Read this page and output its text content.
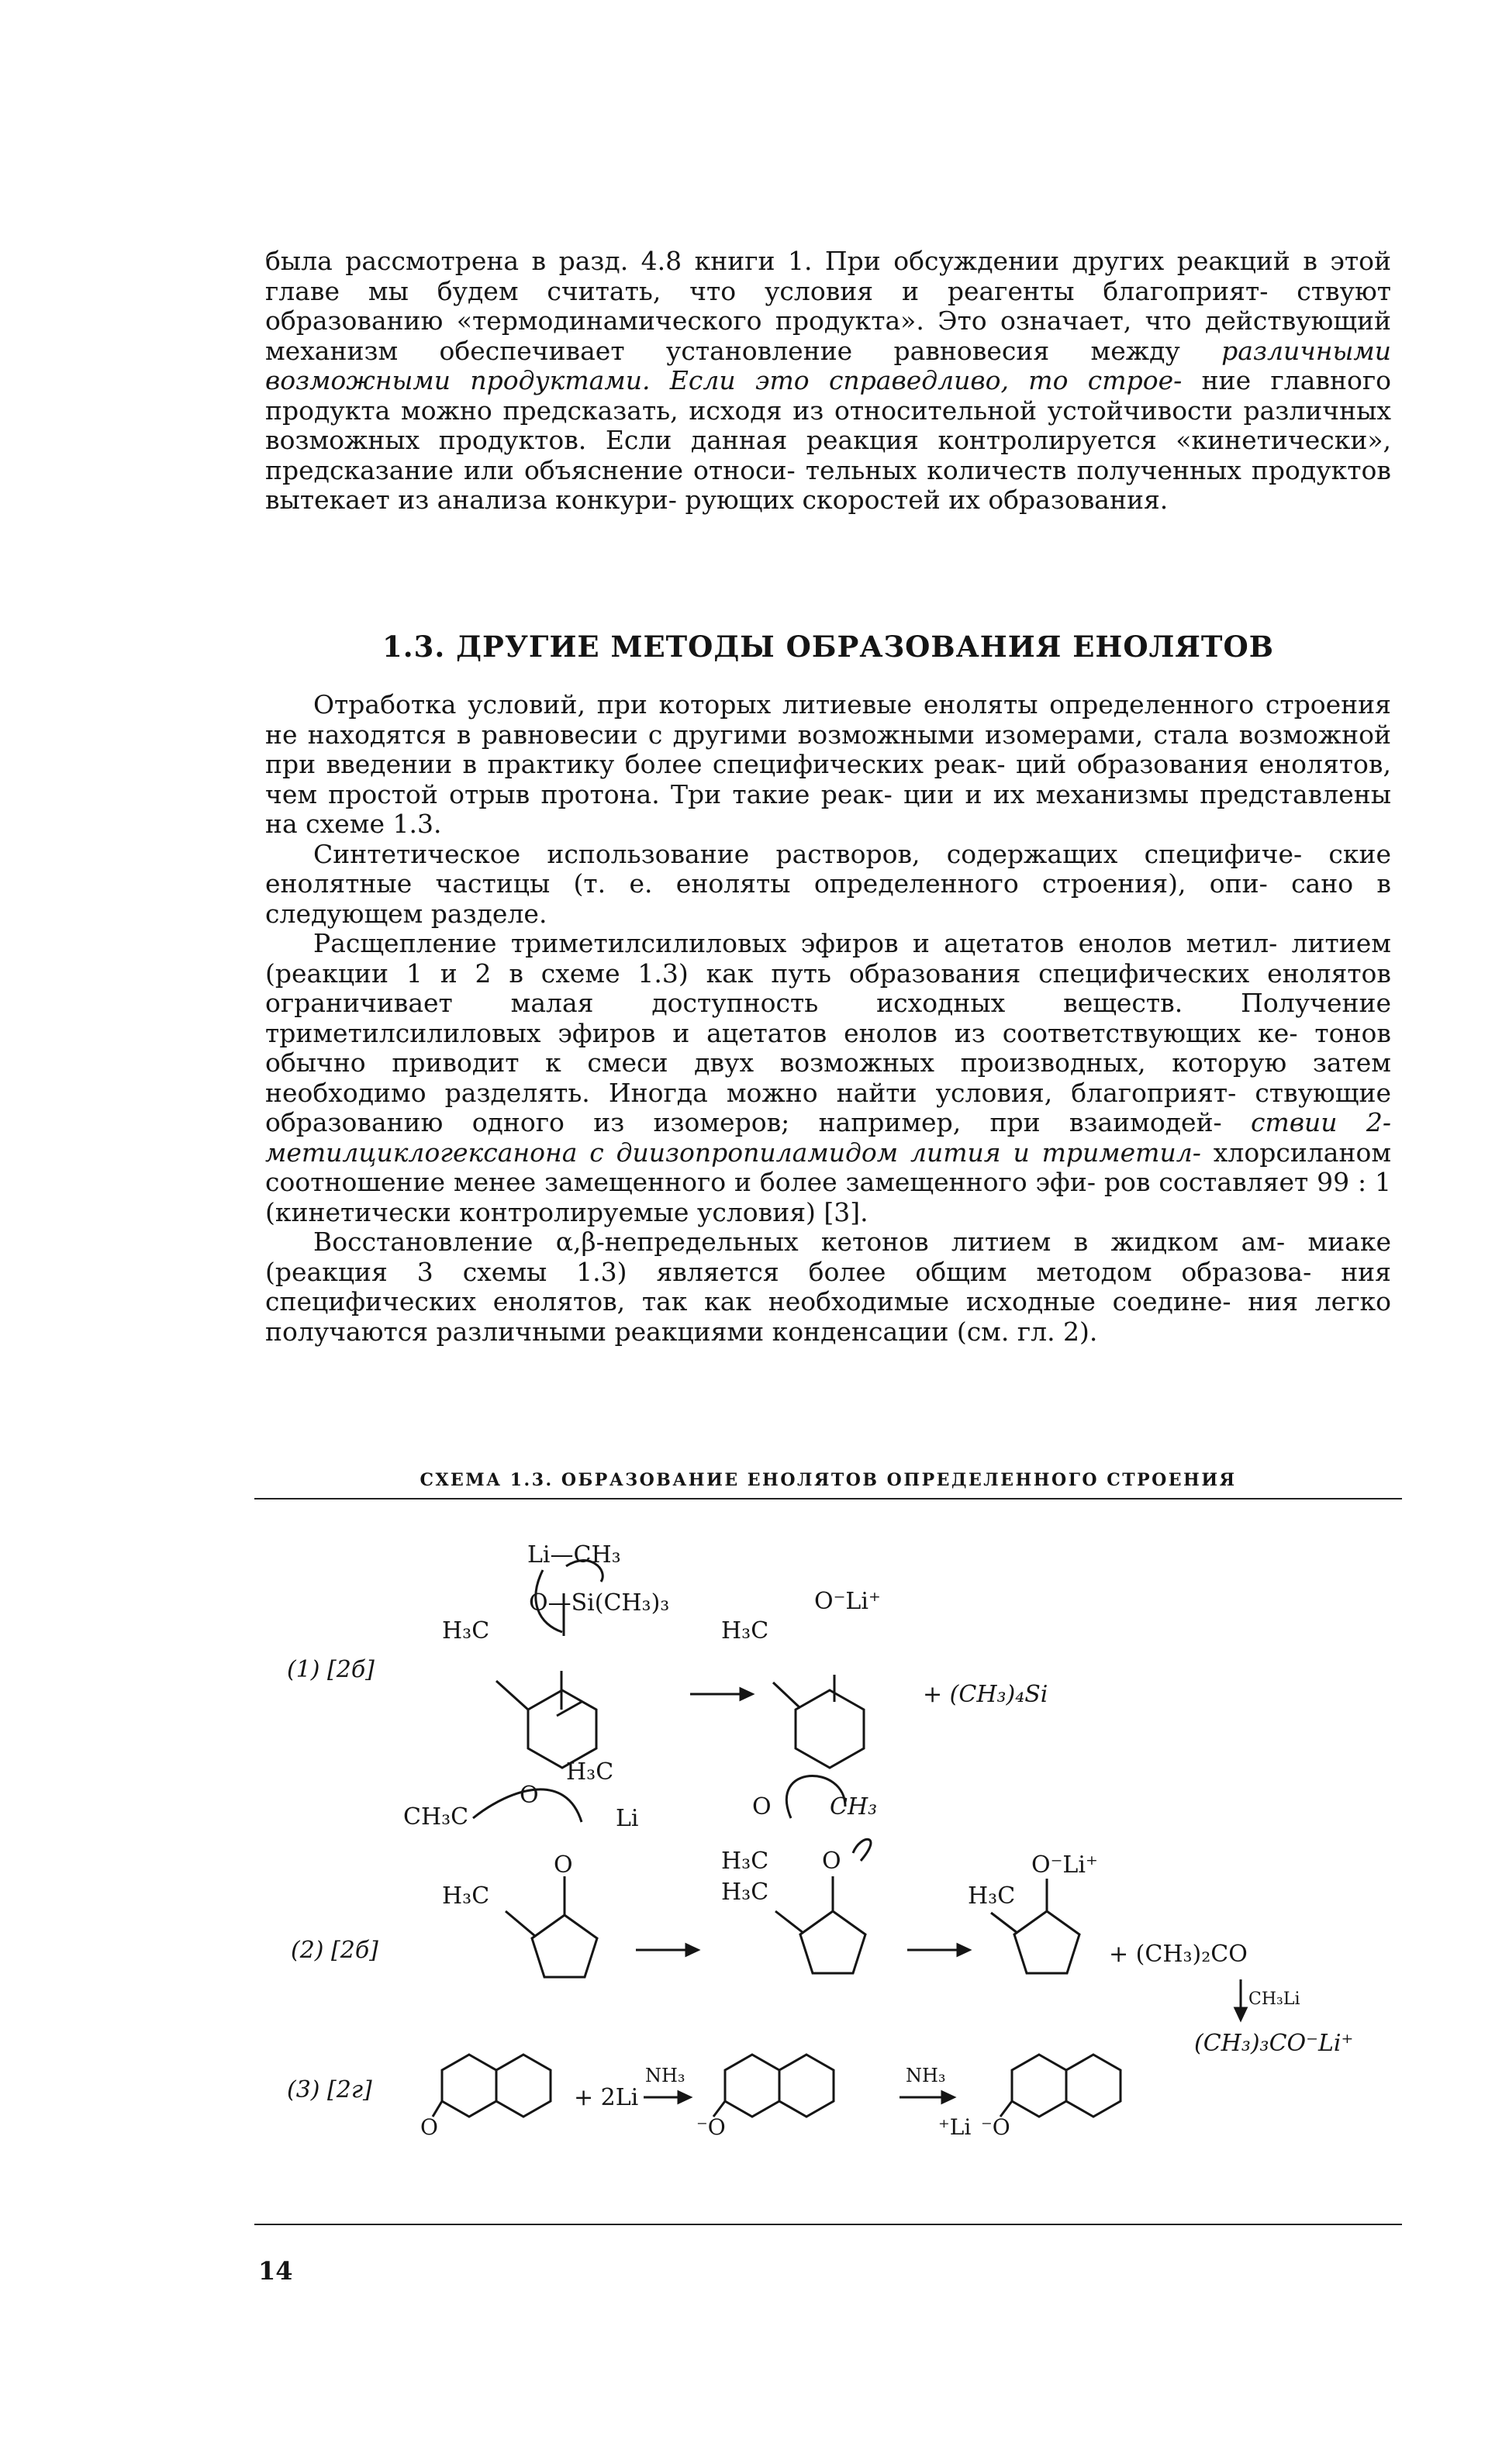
была рассмотрена в разд. 4.8 книги 1. При обсуждении других реакций в этой главе мы будем считать, что условия и реагенты благоприят- ствуют образованию «термодинамического продукта». Это означает, что действующий механизм обеспечивает установление равновесия между различными возможными продуктами. Если это справедливо, то строе- ние главного продукта можно предсказать, исходя из относительной устойчивости различных возможных продуктов. Если данная реакция контролируется «кинетически», предсказание или объяснение относи- тельных количеств полученных продуктов вытекает из анализа конкури- рующих скоростей их образования.

1.3. ДРУГИЕ МЕТОДЫ ОБРАЗОВАНИЯ ЕНОЛЯТОВ

Отработка условий, при которых литиевые еноляты определенного строения не находятся в равновесии с другими возможными изомерами, стала возможной при введении в практику более специфических реак- ций образования енолятов, чем простой отрыв протона. Три такие реак- ции и их механизмы представлены на схеме 1.3.

Синтетическое использование растворов, содержащих специфиче- ские енолятные частицы (т. е. еноляты определенного строения), опи- сано в следующем разделе.

Расщепление триметилсилиловых эфиров и ацетатов енолов метил- литием (реакции 1 и 2 в схеме 1.3) как путь образования специфических енолятов ограничивает малая доступность исходных веществ. Получение триметилсилиловых эфиров и ацетатов енолов из соответствующих ке- тонов обычно приводит к смеси двух возможных производных, которую затем необходимо разделять. Иногда можно найти условия, благоприят- ствующие образованию одного из изомеров; например, при взаимодей- ствии 2-метилциклогексанона с диизопропиламидом лития и триметил- хлорсиланом соотношение менее замещенного и более замещенного эфи- ров составляет 99 : 1 (кинетически контролируемые условия) [3].

Восстановление α,β-непредельных кетонов литием в жидком ам- миаке (реакция 3 схемы 1.3) является более общим методом образова- ния специфических енолятов, так как необходимые исходные соедине- ния легко получаются различными реакциями конденсации (см. гл. 2).

СХЕМА 1.3. ОБРАЗОВАНИЕ ЕНОЛЯТОВ ОПРЕДЕЛЕННОГО СТРОЕНИЯ
(1) [2б]
Li—CH₃
O—Si(CH₃)₃
H₃C
O⁻Li⁺
H₃C
+ (CH₃)₄Si
(2) [2б]
CH₃C
O
O
H₃C
Li
H₃C
O	CH₃
H₃C O
H₃C
O⁻Li⁺
H₃C
+ (CH₃)₂CO
CH₃Li
(CH₃)₃CO⁻Li⁺
(3) [2г]
O
+ 2Li
NH₃
⁻O
NH₃
⁺Li ⁻O
14
